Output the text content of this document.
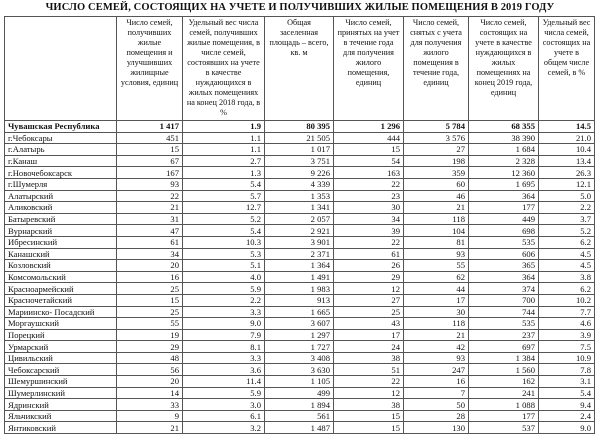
ЧИСЛО СЕМЕЙ, СОСТОЯЩИХ НА УЧЕТЕ И ПОЛУЧИВШИХ ЖИЛЫЕ ПОМЕЩЕНИЯ В 2019 ГОДУ
	Число семей, получивших жилые помещения и улучшивших жилищные условия, единиц	Удельный вес числа семей, получивших жилые помещения, в числе семей, состоявших на учете в качестве нуждающихся в жилых помещениях на конец 2018 года, в %	Общая заселенная площадь – всего, кв. м	Число семей, принятых на учет в течение года для получения жилого помещения, единиц	Число семей, снятых с учета для получения жилого помещения в течение года, единиц	Число семей, состоящих на учете в качестве нуждающихся в жилых помещениях на конец 2019 года, единиц	Удельный вес числа семей, состоящих на учете в общем числе семей, в %
Чувашская Республика	1 417	1.9	80 395	1 296	5 784	68 355	14.5
г.Чебоксары	451	1.1	21 505	444	3 576	38 390	21.0
г.Алатырь	15	1.1	1 017	15	27	1 684	10.4
г.Канаш	67	2.7	3 751	54	198	2 328	13.4
г.Новочебоксарск	167	1.3	9 226	163	359	12 360	26.3
г.Шумерля	93	5.4	4 339	22	60	1 695	12.1
Алатырский	22	5.7	1 353	23	46	364	5.0
Аликовский	21	12.7	1 341	30	21	177	2.2
Батыревский	31	5.2	2 057	34	118	449	3.7
Вурнарский	47	5.4	2 921	39	104	698	5.2
Ибресинский	61	10.3	3 901	22	81	535	6.2
Канашский	34	5.3	2 371	61	93	606	4.5
Козловский	20	5.1	1 364	26	55	365	4.5
Комсомольский	16	4.0	1 491	29	62	364	3.8
Красноармейский	25	5.9	1 983	12	44	374	6.2
Красночетайский	15	2.2	913	27	17	700	10.2
Мариинско- Посадский	25	3.3	1 665	25	30	744	7.7
Моргаушский	55	9.0	3 607	43	118	535	4.6
Порецкий	19	7.9	1 297	17	21	237	3.9
Урмарский	29	8.1	1 727	24	42	697	7.5
Цивильский	48	3.3	3 408	38	93	1 384	10.9
Чебоксарский	56	3.6	3 630	51	247	1 560	7.8
Шемуршинский	20	11.4	1 105	22	16	162	3.1
Шумерлинский	14	5.9	499	12	7	241	5.4
Ядринский	33	3.0	1 894	38	50	1 088	9.4
Яльчикский	9	6.1	561	15	28	177	2.4
Янтиковский	21	3.2	1 487	15	130	537	9.0
